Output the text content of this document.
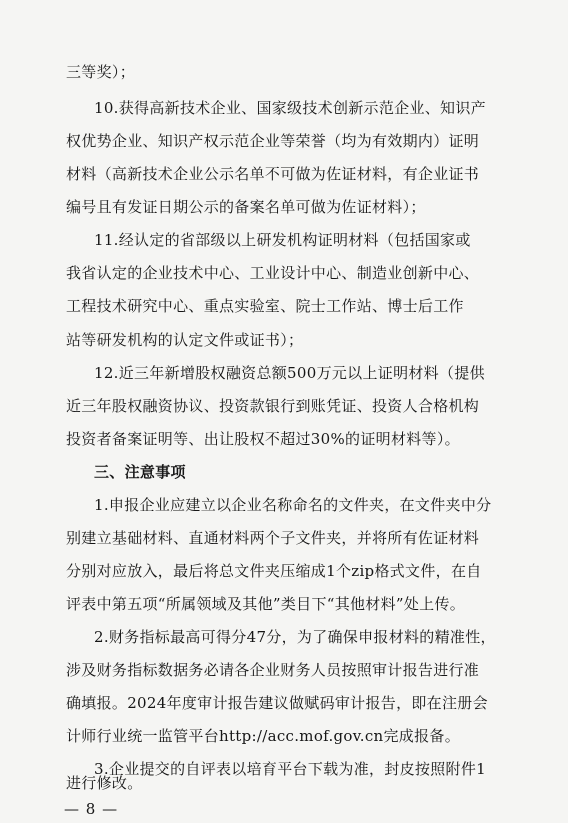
三等奖）；
10.获得高新技术企业、国家级技术创新示范企业、知识产
权优势企业、知识产权示范企业等荣誉（均为有效期内）证明
材料（高新技术企业公示名单不可做为佐证材料，有企业证书
编号且有发证日期公示的备案名单可做为佐证材料）；
11.经认定的省部级以上研发机构证明材料（包括国家或
我省认定的企业技术中心、工业设计中心、制造业创新中心、
工程技术研究中心、重点实验室、院士工作站、博士后工作
站等研发机构的认定文件或证书）；
12.近三年新增股权融资总额500万元以上证明材料（提供
近三年股权融资协议、投资款银行到账凭证、投资人合格机构
投资者备案证明等、出让股权不超过30%的证明材料等）。
三、注意事项
1.申报企业应建立以企业名称命名的文件夹，在文件夹中分
别建立基础材料、直通材料两个子文件夹，并将所有佐证材料
分别对应放入，最后将总文件夹压缩成1个zip格式文件，在自
评表中第五项“所属领域及其他”类目下“其他材料”处上传。
2.财务指标最高可得分47分，为了确保申报材料的精准性，
涉及财务指标数据务必请各企业财务人员按照审计报告进行准
确填报。2024年度审计报告建议做赋码审计报告，即在注册会
计师行业统一监管平台http://acc.mof.gov.cn完成报备。
3.企业提交的自评表以培育平台下载为准，封皮按照附件1
进行修改。
— 8 —
